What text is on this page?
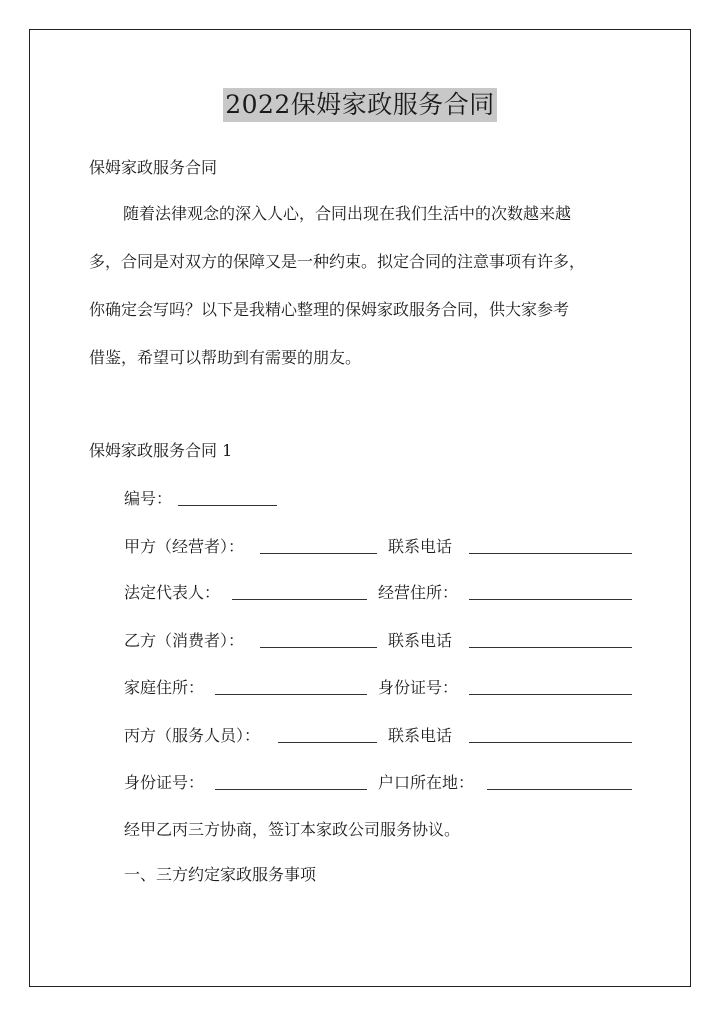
2022保姆家政服务合同
保姆家政服务合同
随着法律观念的深入人心，合同出现在我们生活中的次数越来越
多，合同是对双方的保障又是一种约束。拟定合同的注意事项有许多，
你确定会写吗？以下是我精心整理的保姆家政服务合同，供大家参考
借鉴，希望可以帮助到有需要的朋友。
保姆家政服务合同 1
编号：
甲方（经营者）：	联系电话
法定代表人：	经营住所：
乙方（消费者）：	联系电话
家庭住所：	身份证号：
丙方（服务人员）：	联系电话
身份证号：	户口所在地：
经甲乙丙三方协商，签订本家政公司服务协议。
一、三方约定家政服务事项
